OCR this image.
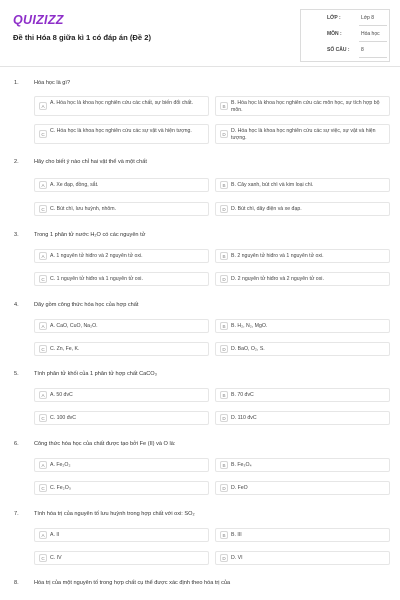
QUIZIZZ
Đề thi Hóa 8 giữa kì 1 có đáp án (Đề 2)
LỚP :	Lớp 8
MÔN :	Hóa học
SỐ CÂU : 8
1.	Hóa học là gì?
A
A. Hóa học là khoa học nghiên cứu các chất, sự biến đổi chất.
B
B. Hóa học là khoa học nghiên cứu các môn học, sự tích hợp bộ môn.
C
C. Hóa học là khoa học nghiên cứu các sự vật và hiện tượng.
D
D. Hóa học là khoa học nghiên cứu các sự việc, sự vật và hiện tượng.
2.	Hãy cho biết ý nào chỉ hai vật thể và một chất
A	A. Xe đạp, đồng, sắt.	B	B. Cây xanh, bút chì và kim loại chì.
C	C. Bút chì, lưu huỳnh, nhôm.	D	D. Bút chì, dây điện và xe đạp.
3.	Trong 1 phân tử nước H₂O có các nguyên tử
A	A. 1 nguyên tử hiđro và 2 nguyên tử oxi.	B	B. 2 nguyên tử hiđro và 1 nguyên tử oxi.
C	C. 1 nguyên tử hiđro và 1 nguyên tử oxi.	D	D. 2 nguyên tử hiđro và 2 nguyên tử oxi.
4.	Dãy gồm công thức hóa học của hợp chất
A	A. CaO, CuO, Na₂O.	B	B. H₂, N₂, MgO.
C	C. Zn, Fe, K.	D	D. BaO, O₂, S.
5.	Tính phân tử khối của 1 phân tử hợp chất CaCO₃
A	A. 50 đvC	B	B. 70 đvC
C	C. 100 đvC	D	D. 110 đvC
6.	Công thức hóa học của chất được tạo bởi Fe (II) và O là:
A	A. Fe₂O₂	B	B. Fe₃O₄
C	C. Fe₂O₃	D	D. FeO
7.	Tính hóa trị của nguyên tố lưu huỳnh trong hợp chất với oxi: SO₂
A	A. II	B	B. III
C	C. IV	D	D. VI
8.	Hóa trị của một nguyên tố trong hợp chất cụ thể được xác định theo hóa trị của
